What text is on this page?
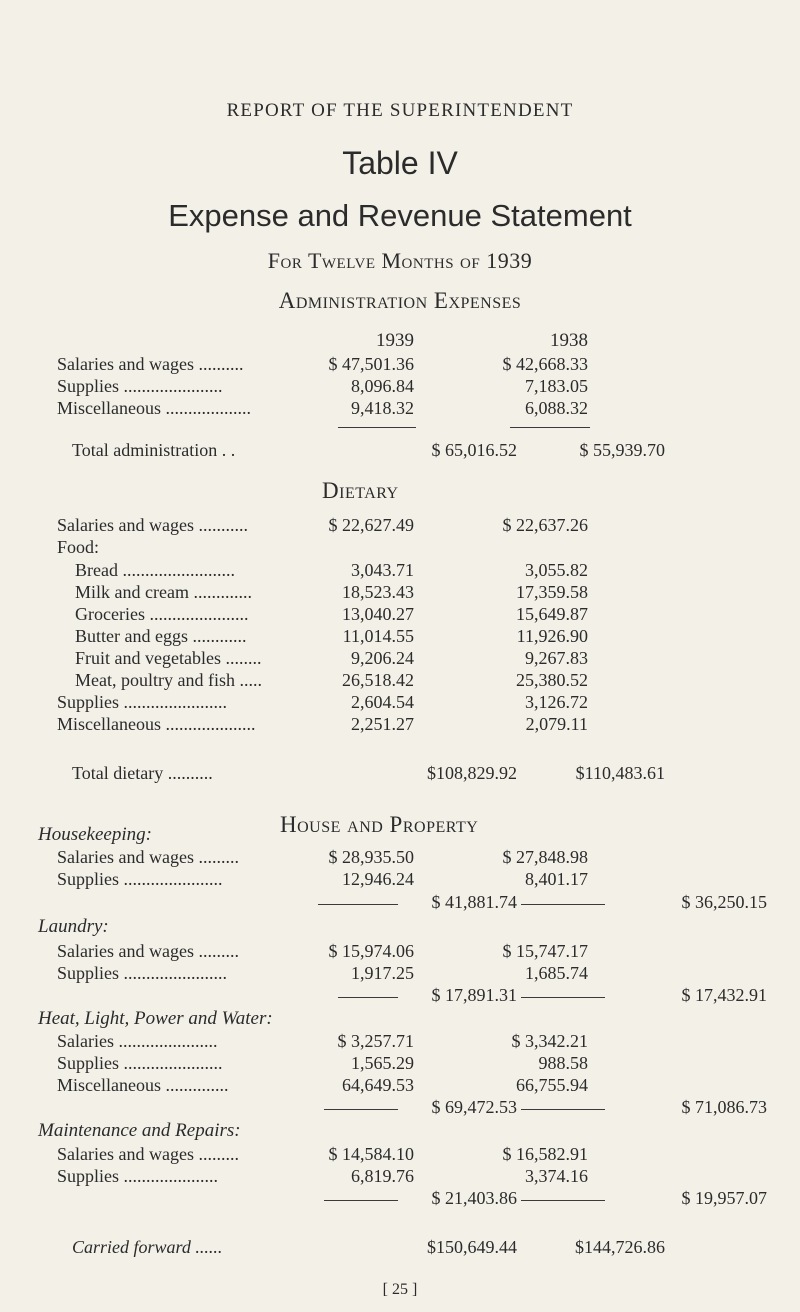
REPORT OF THE SUPERINTENDENT
Table IV
Expense and Revenue Statement
For Twelve Months of 1939
Administration Expenses
1939	1938
Salaries and wages ..........	$ 47,501.36	$ 42,668.33
Supplies ......................	8,096.84	7,183.05
Miscellaneous ...................	9,418.32	6,088.32
Total administration . .	$ 65,016.52	$ 55,939.70
Dietary
Salaries and wages ...........	$ 22,627.49	$ 22,637.26
Food:
Bread .........................	3,043.71	3,055.82
Milk and cream .............	18,523.43	17,359.58
Groceries ......................	13,040.27	15,649.87
Butter and eggs ............	11,014.55	11,926.90
Fruit and vegetables ........	9,206.24	9,267.83
Meat, poultry and fish .....	26,518.42	25,380.52
Supplies .......................	2,604.54	3,126.72
Miscellaneous ....................	2,251.27	2,079.11
Total dietary ..........	$108,829.92	$110,483.61
House and Property
Housekeeping:
Salaries and wages .........	$ 28,935.50	$ 27,848.98
Supplies ......................	12,946.24	8,401.17
$ 41,881.74	$ 36,250.15
Laundry:
Salaries and wages .........	$ 15,974.06	$ 15,747.17
Supplies .......................	1,917.25	1,685.74
$ 17,891.31	$ 17,432.91
Heat, Light, Power and Water:
Salaries ......................	$ 3,257.71	$ 3,342.21
Supplies ......................	1,565.29	988.58
Miscellaneous ..............	64,649.53	66,755.94
$ 69,472.53	$ 71,086.73
Maintenance and Repairs:
Salaries and wages .........	$ 14,584.10	$ 16,582.91
Supplies .....................	6,819.76	3,374.16
$ 21,403.86	$ 19,957.07
Carried forward ......	$150,649.44	$144,726.86
[ 25 ]
